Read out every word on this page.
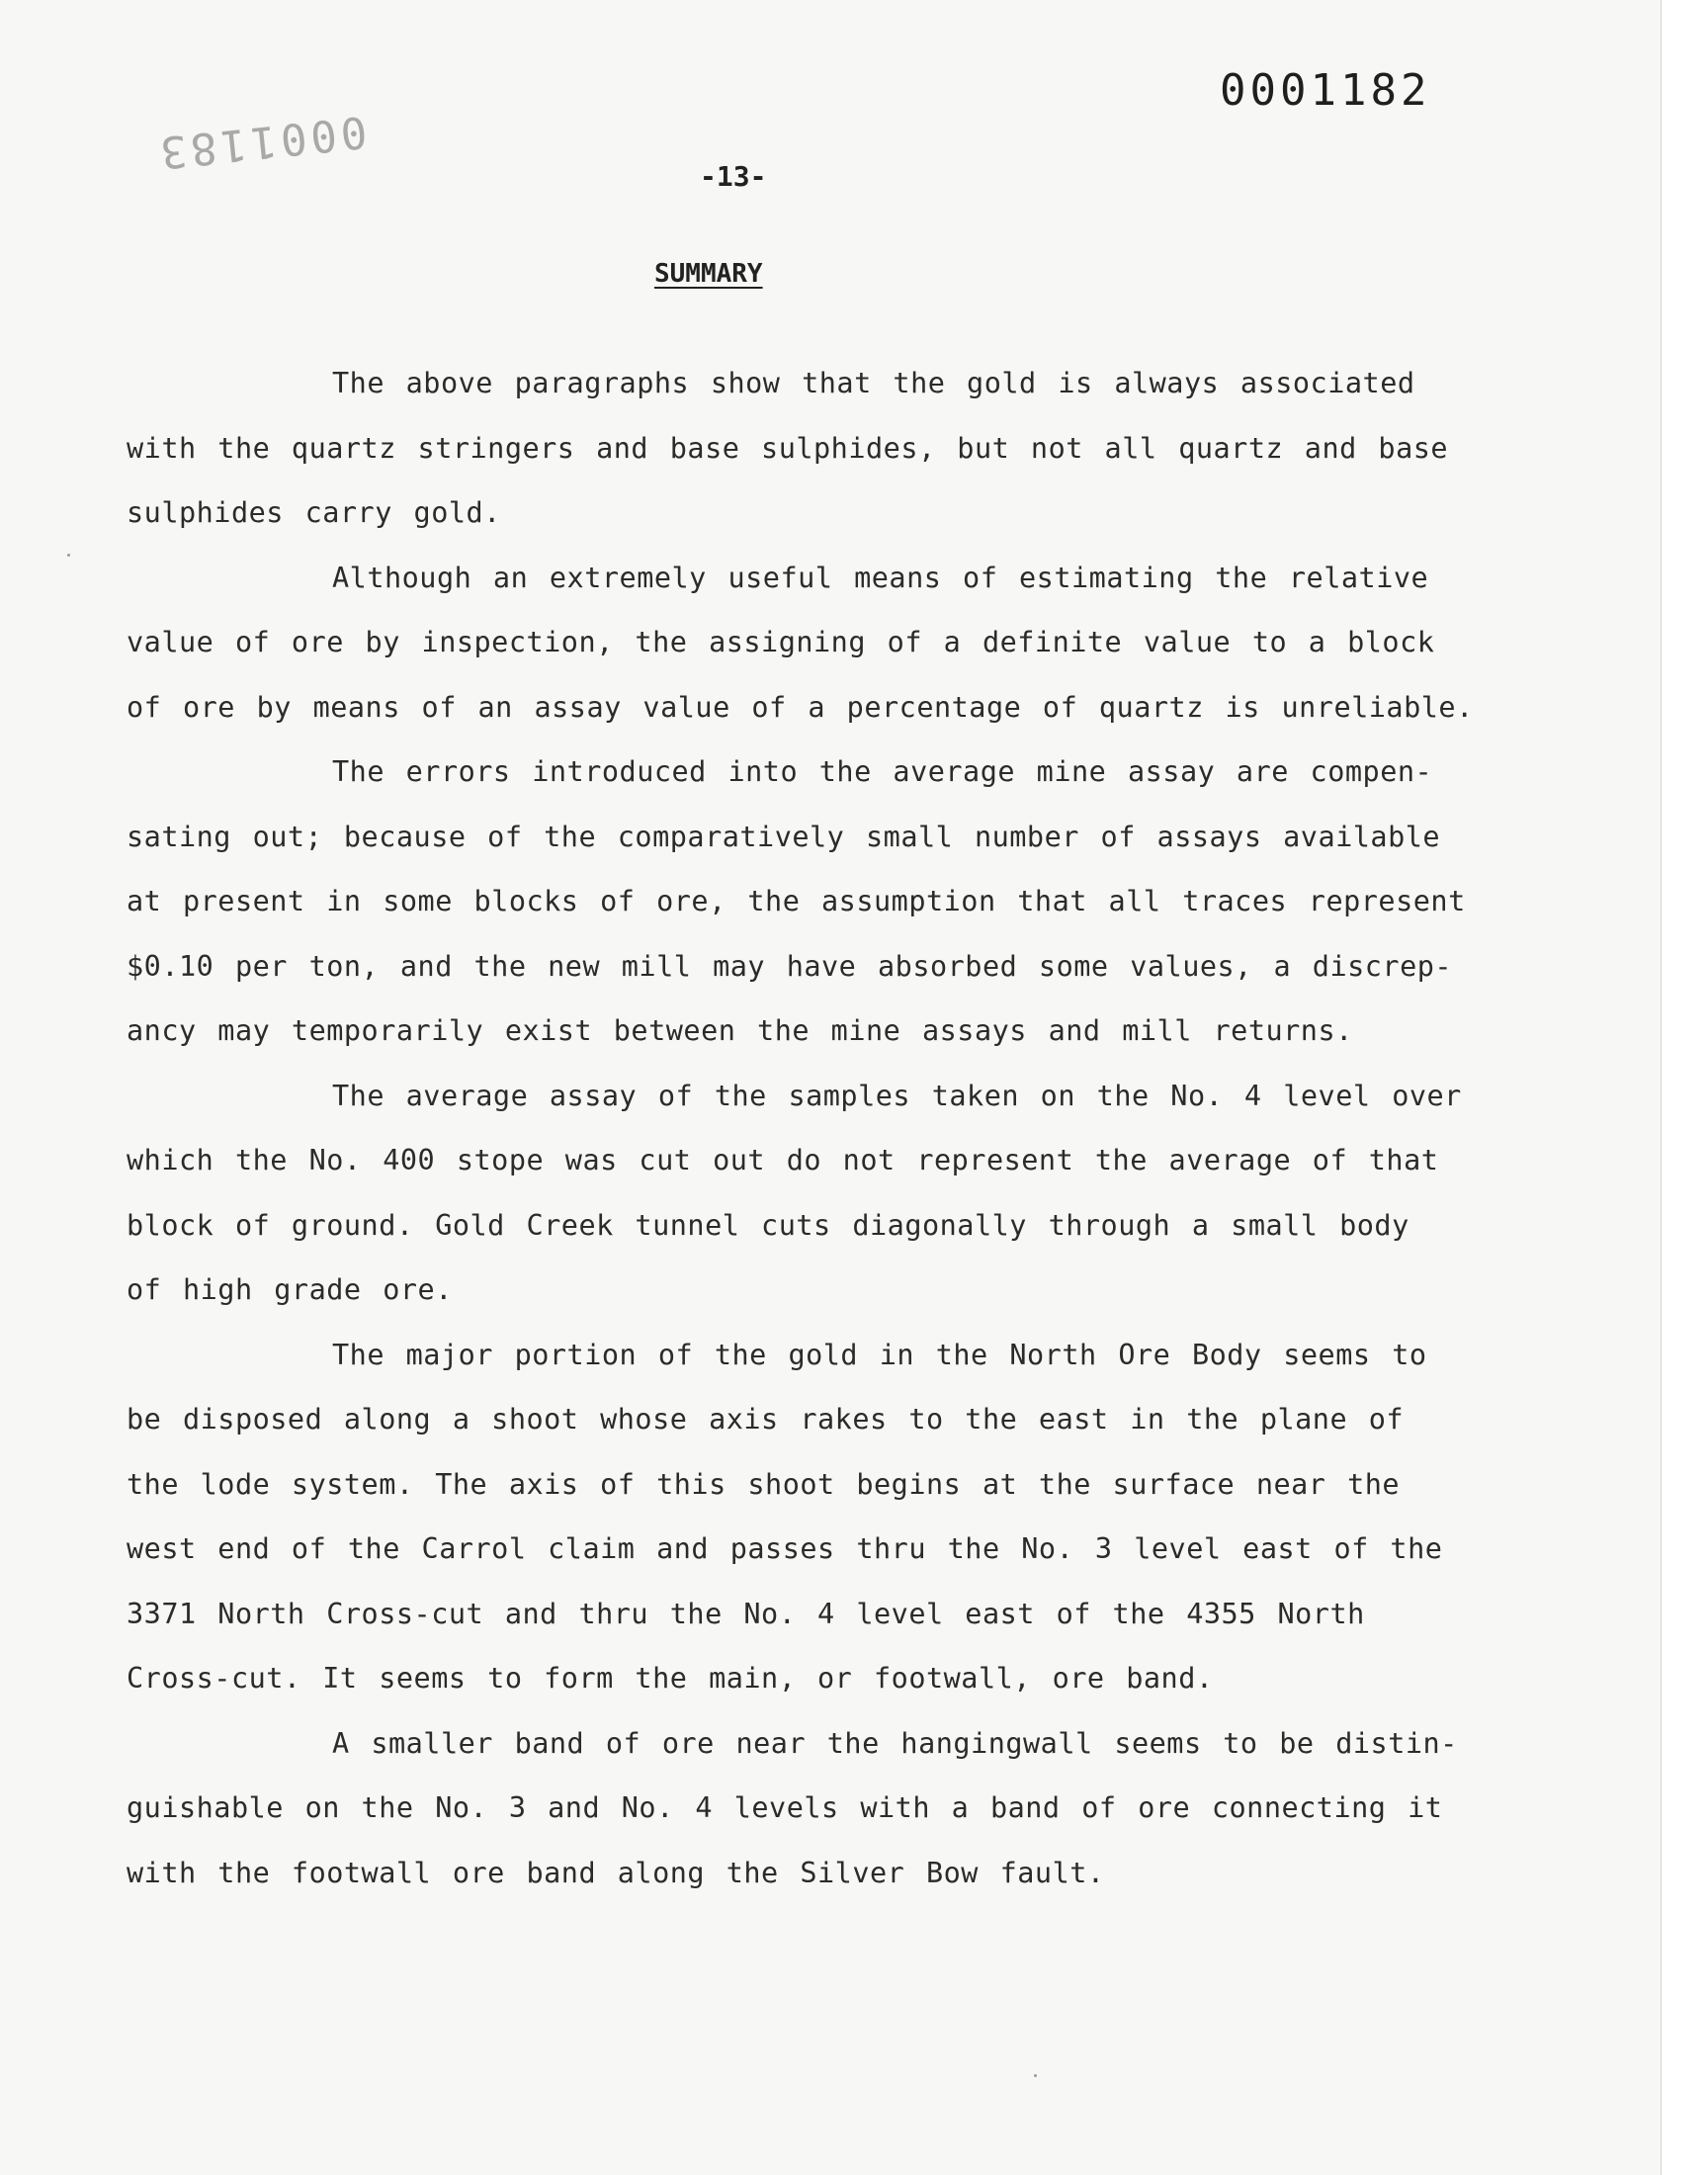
0001182
0001183	-13-
SUMMARY

The above paragraphs show that the gold is always associated
with the quartz stringers and base sulphides, but not all quartz and base
sulphides carry gold.

Although an extremely useful means of estimating the relative
value of ore by inspection, the assigning of a definite value to a block
of ore by means of an assay value of a percentage of quartz is unreliable.

The errors introduced into the average mine assay are compen-
sating out; because of the comparatively small number of assays available
at present in some blocks of ore, the assumption that all traces represent
$0.10 per ton, and the new mill may have absorbed some values, a discrep-
ancy may temporarily exist between the mine assays and mill returns.

The average assay of the samples taken on the No. 4 level over
which the No. 400 stope was cut out do not represent the average of that
block of ground. Gold Creek tunnel cuts diagonally through a small body
of high grade ore.

The major portion of the gold in the North Ore Body seems to
be disposed along a shoot whose axis rakes to the east in the plane of
the lode system. The axis of this shoot begins at the surface near the
west end of the Carrol claim and passes thru the No. 3 level east of the
3371 North Cross-cut and thru the No. 4 level east of the 4355 North
Cross-cut. It seems to form the main, or footwall, ore band.

A smaller band of ore near the hangingwall seems to be distin-
guishable on the No. 3 and No. 4 levels with a band of ore connecting it
with the footwall ore band along the Silver Bow fault.
